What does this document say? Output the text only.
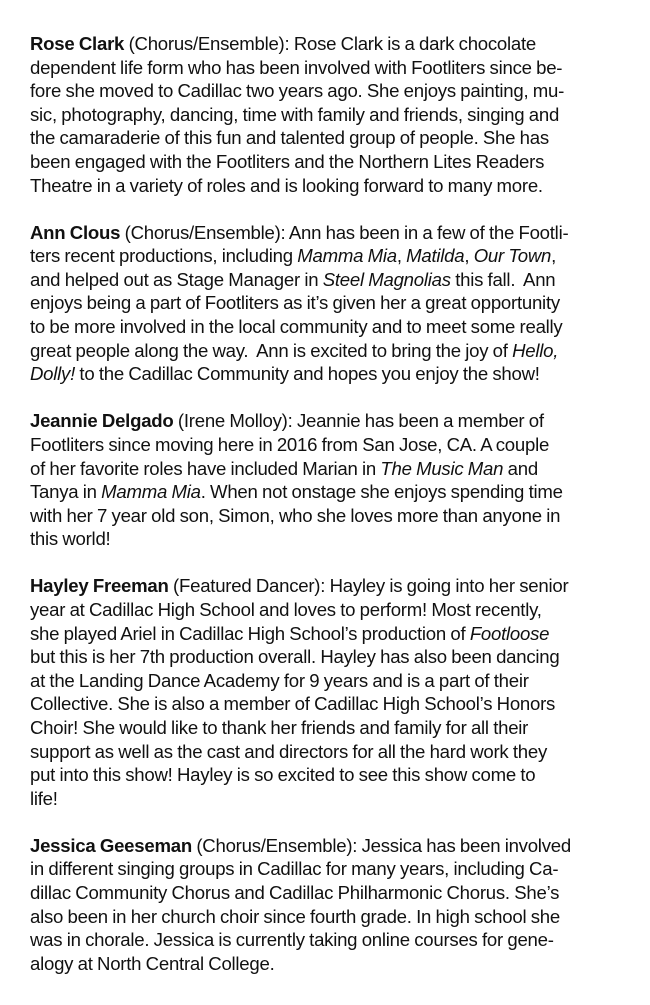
Rose Clark (Chorus/Ensemble): Rose Clark is a dark chocolate
dependent life form who has been involved with Footliters since be-
fore she moved to Cadillac two years ago. She enjoys painting, mu-
sic, photography, dancing, time with family and friends, singing and
the camaraderie of this fun and talented group of people. She has
been engaged with the Footliters and the Northern Lites Readers
Theatre in a variety of roles and is looking forward to many more.

Ann Clous (Chorus/Ensemble): Ann has been in a few of the Footli-
ters recent productions, including Mamma Mia, Matilda, Our Town,
and helped out as Stage Manager in Steel Magnolias this fall.  Ann
enjoys being a part of Footliters as it’s given her a great opportunity
to be more involved in the local community and to meet some really
great people along the way.  Ann is excited to bring the joy of Hello,
Dolly! to the Cadillac Community and hopes you enjoy the show!

Jeannie Delgado (Irene Molloy): Jeannie has been a member of
Footliters since moving here in 2016 from San Jose, CA. A couple
of her favorite roles have included Marian in The Music Man and
Tanya in Mamma Mia. When not onstage she enjoys spending time
with her 7 year old son, Simon, who she loves more than anyone in
this world!

Hayley Freeman (Featured Dancer): Hayley is going into her senior
year at Cadillac High School and loves to perform! Most recently,
she played Ariel in Cadillac High School’s production of Footloose
but this is her 7th production overall. Hayley has also been dancing
at the Landing Dance Academy for 9 years and is a part of their
Collective. She is also a member of Cadillac High School’s Honors
Choir! She would like to thank her friends and family for all their
support as well as the cast and directors for all the hard work they
put into this show! Hayley is so excited to see this show come to
life!

Jessica Geeseman (Chorus/Ensemble): Jessica has been involved
in different singing groups in Cadillac for many years, including Ca-
dillac Community Chorus and Cadillac Philharmonic Chorus. She’s
also been in her church choir since fourth grade. In high school she
was in chorale. Jessica is currently taking online courses for gene-
alogy at North Central College.
